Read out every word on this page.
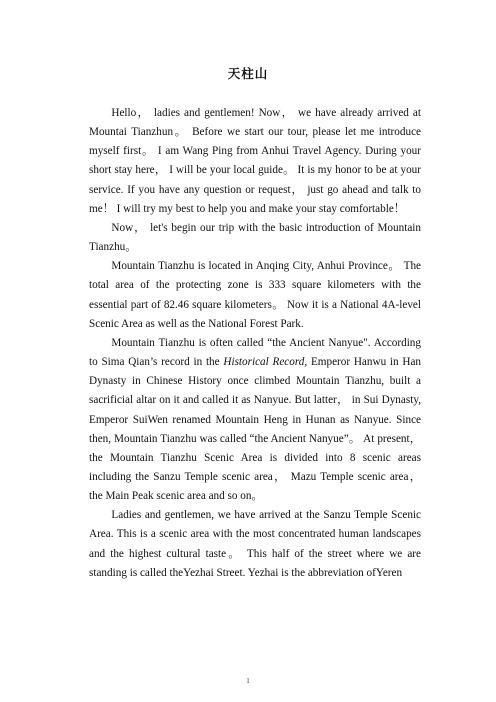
天柱山

Hello， ladies and gentlemen! Now， we have already arrived at Mountai Tianzhun。 Before we start our tour, please let me introduce myself first。 I am Wang Ping from Anhui Travel Agency. During your short stay here， I will be your local guide。 It is my honor to be at your service. If you have any question or request， just go ahead and talk to me！ I will try my best to help you and make your stay comfortable！

Now， let's begin our trip with the basic introduction of Mountain Tianzhu。

Mountain Tianzhu is located in Anqing City, Anhui Province。 The total area of the protecting zone is 333 square kilometers with the essential part of 82.46 square kilometers。 Now it is a National 4A-level Scenic Area as well as the National Forest Park.

Mountain Tianzhu is often called “the Ancient Nanyue". According to Sima Qian’s record in the Historical Record, Emperor Hanwu in Han Dynasty in Chinese History once climbed Mountain Tianzhu, built a sacrificial altar on it and called it as Nanyue. But latter， in Sui Dynasty, Emperor SuiWen renamed Mountain Heng in Hunan as Nanyue. Since then, Mountain Tianzhu was called “the Ancient Nanyue”。 At present， the Mountain Tianzhu Scenic Area is divided into 8 scenic areas including the Sanzu Temple scenic area， Mazu Temple scenic area， the Main Peak scenic area and so on。

Ladies and gentlemen, we have arrived at the Sanzu Temple Scenic Area. This is a scenic area with the most concentrated human landscapes and the highest cultural taste。 This half of the street where we are standing is called theYezhai Street. Yezhai is the abbreviation ofYeren

1
